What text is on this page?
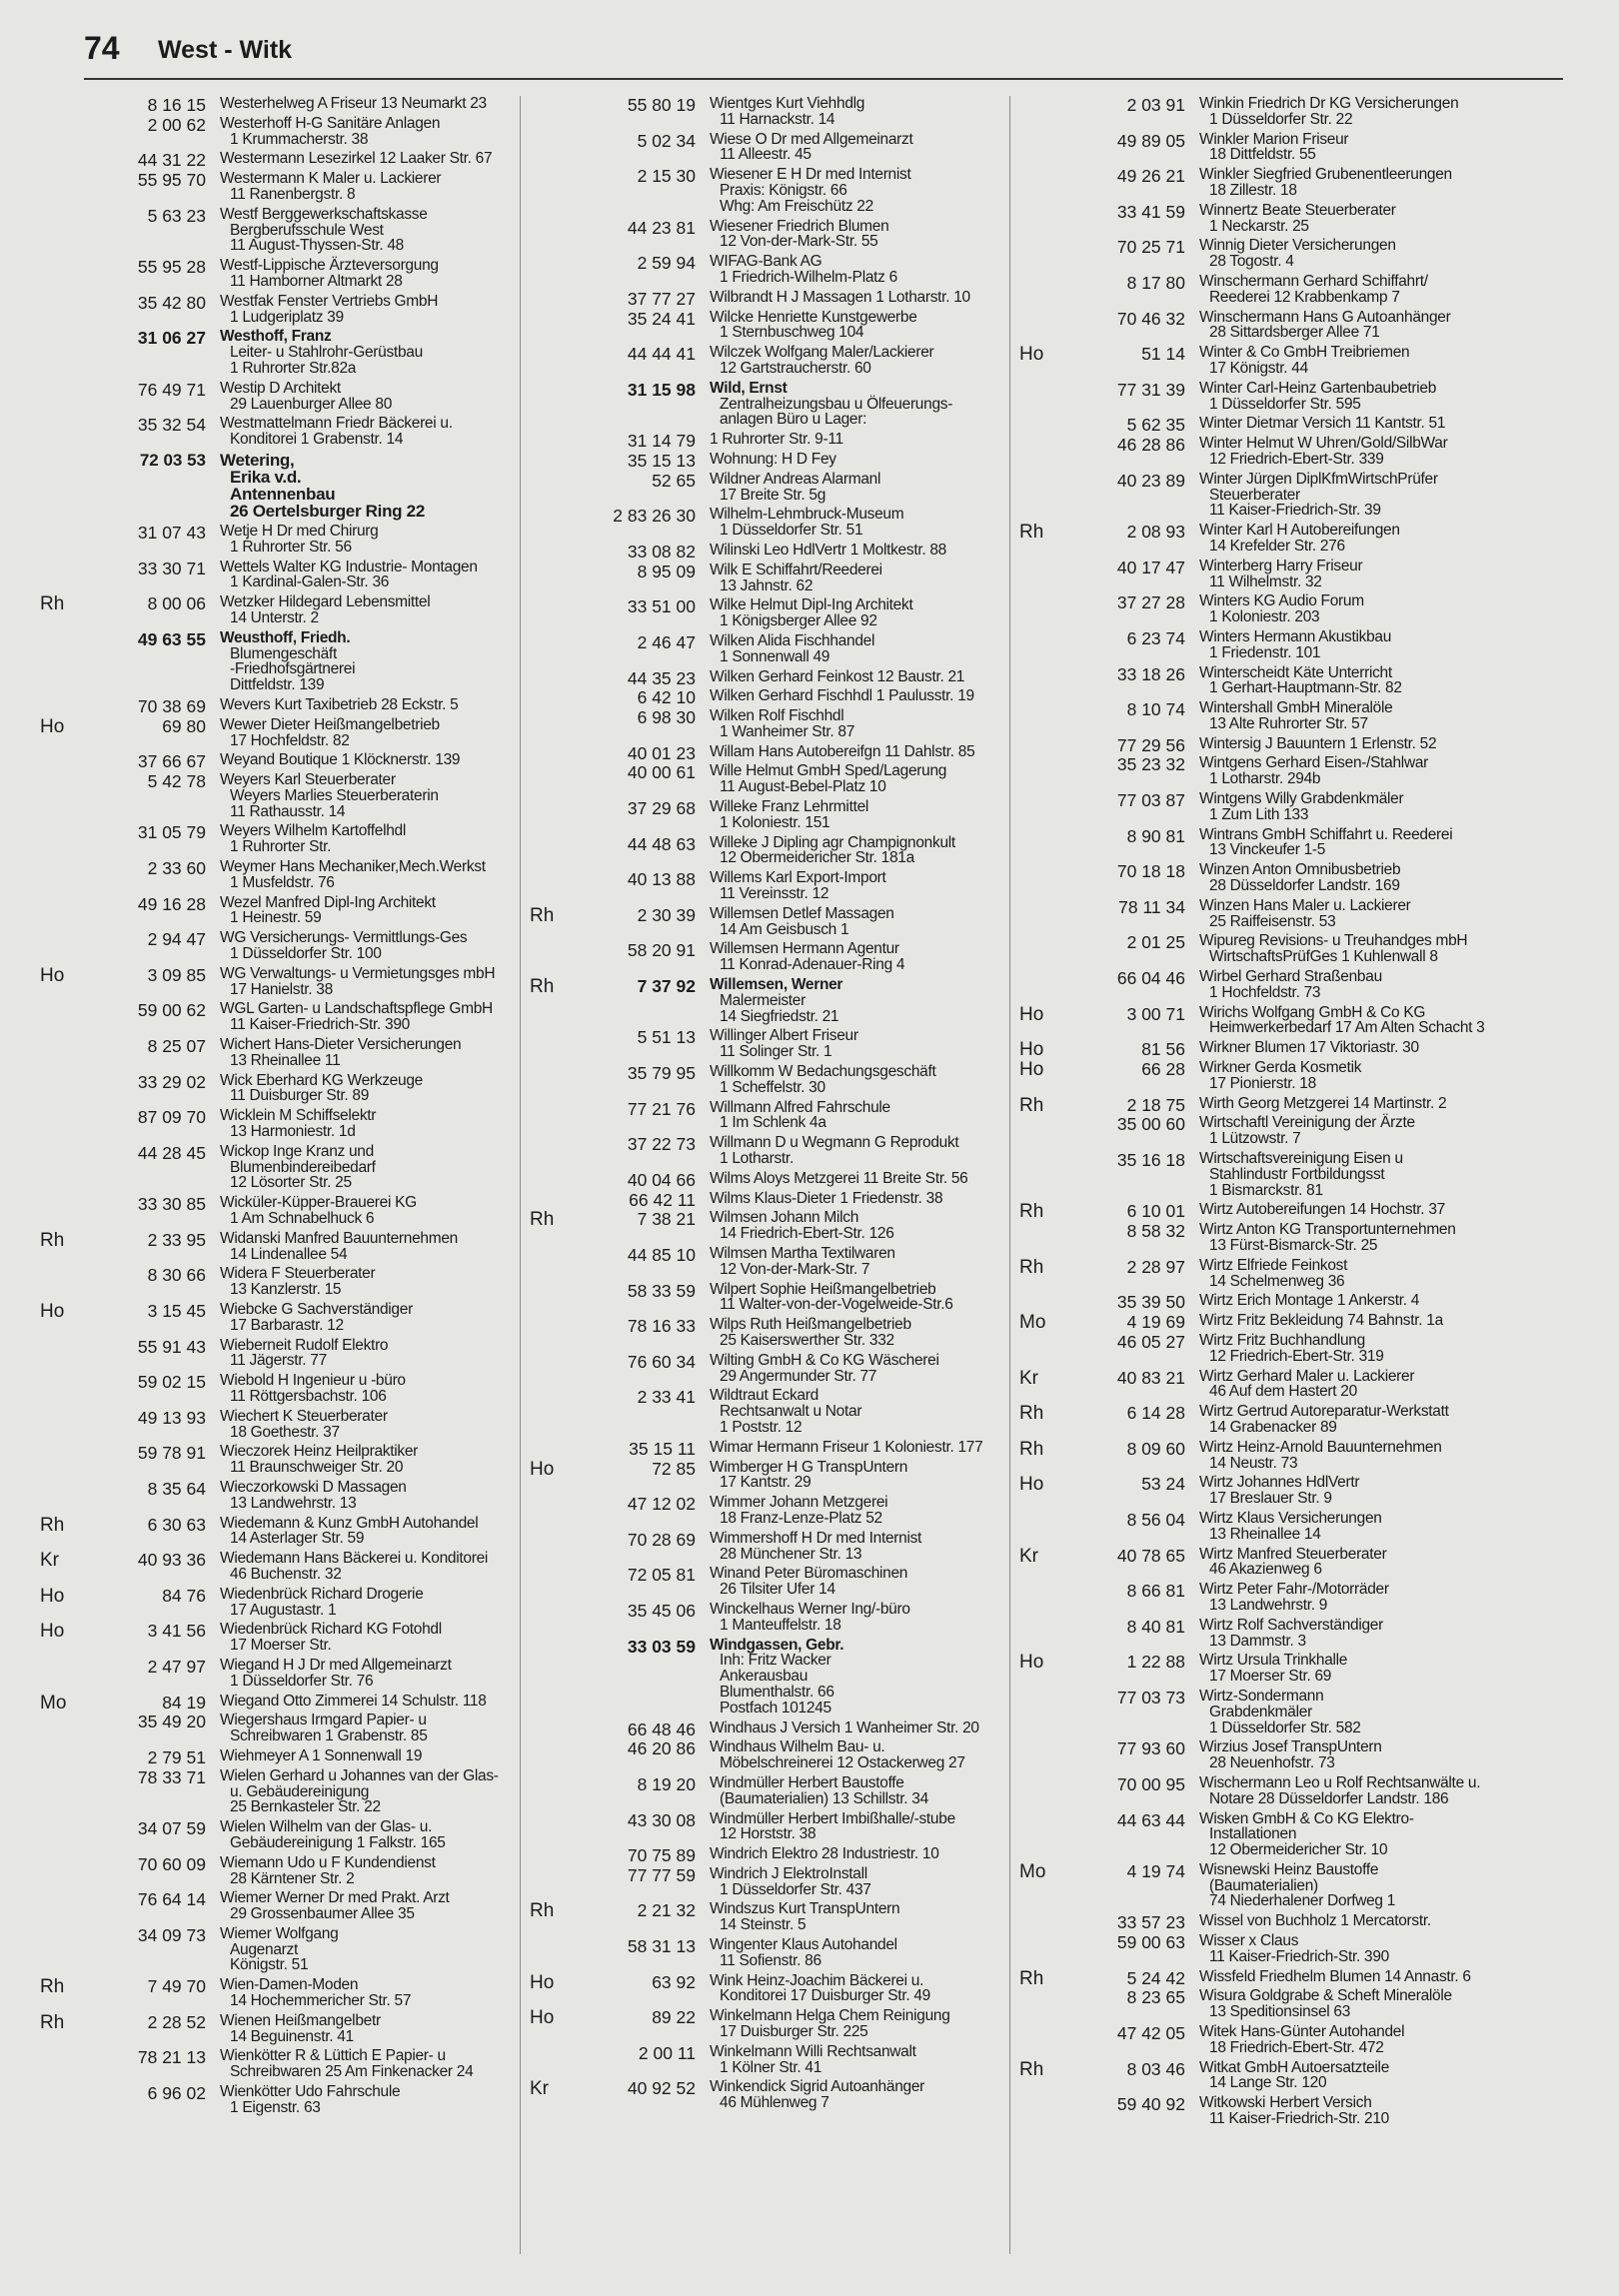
74 West - Witk
8 16 15 Westerhelweg A Friseur 13 Neumarkt 23
2 00 62 Westerhoff H-G Sanitäre Anlagen
1 Krummacherstr. 38
44 31 22 Westermann Lesezirkel 12 Laaker Str. 67
55 95 70 Westermann K Maler u. Lackierer
11 Ranenbergstr. 8
5 63 23 Westf Berggewerkschaftskasse
Bergberufsschule West
11 August-Thyssen-Str. 48
55 95 28 Westf-Lippische Ärzteversorgung
11 Hamborner Altmarkt 28
35 42 80 Westfak Fenster Vertriebs GmbH
1 Ludgeriplatz 39
31 06 27 Westhoff, Franz
Leiter- u Stahlrohr-Gerüstbau
1 Ruhrorter Str.82a
76 49 71 Westip D Architekt
29 Lauenburger Allee 80
35 32 54 Westmattelmann Friedr Bäckerei u.
Konditorei 1 Grabenstr. 14
72 03 53 Wetering,
Erika v.d.
Antennenbau
26 Oertelsburger Ring 22
31 07 43 Wetje H Dr med Chirurg
1 Ruhrorter Str. 56
33 30 71 Wettels Walter KG Industrie- Montagen
1 Kardinal-Galen-Str. 36
Rh	8 00 06 Wetzker Hildegard Lebensmittel
14 Unterstr. 2
49 63 55 Weusthoff, Friedh.
Blumengeschäft
-Friedhofsgärtnerei
Dittfeldstr. 139
70 38 69 Wevers Kurt Taxibetrieb 28 Eckstr. 5
Ho	69 80 Wewer Dieter Heißmangelbetrieb
17 Hochfeldstr. 82
37 66 67 Weyand Boutique 1 Klöcknerstr. 139
5 42 78 Weyers Karl Steuerberater
Weyers Marlies Steuerberaterin
11 Rathausstr. 14
31 05 79 Weyers Wilhelm Kartoffelhdl
1 Ruhrorter Str.
2 33 60 Weymer Hans Mechaniker,Mech.Werkst
1 Musfeldstr. 76
49 16 28 Wezel Manfred Dipl-Ing Architekt
1 Heinestr. 59
2 94 47 WG Versicherungs- Vermittlungs-Ges
1 Düsseldorfer Str. 100
Ho	3 09 85 WG Verwaltungs- u Vermietungsges mbH
17 Hanielstr. 38
59 00 62 WGL Garten- u Landschaftspflege GmbH
11 Kaiser-Friedrich-Str. 390
8 25 07 Wichert Hans-Dieter Versicherungen
13 Rheinallee 11
33 29 02 Wick Eberhard KG Werkzeuge
11 Duisburger Str. 89
87 09 70 Wicklein M Schiffselektr
13 Harmoniestr. 1d
44 28 45 Wickop Inge Kranz und
Blumenbindereibedarf
12 Lösorter Str. 25
33 30 85 Wicküler-Küpper-Brauerei KG
1 Am Schnabelhuck 6
Rh	2 33 95 Widanski Manfred Bauunternehmen
14 Lindenallee 54
8 30 66 Widera F Steuerberater
13 Kanzlerstr. 15
Ho	3 15 45 Wiebcke G Sachverständiger
17 Barbarastr. 12
55 91 43 Wieberneit Rudolf Elektro
11 Jägerstr. 77
59 02 15 Wiebold H Ingenieur u -büro
11 Röttgersbachstr. 106
49 13 93 Wiechert K Steuerberater
18 Goethestr. 37
59 78 91 Wieczorek Heinz Heilpraktiker
11 Braunschweiger Str. 20
8 35 64 Wieczorkowski D Massagen
13 Landwehrstr. 13
Rh	6 30 63 Wiedemann & Kunz GmbH Autohandel
14 Asterlager Str. 59
Kr	40 93 36 Wiedemann Hans Bäckerei u. Konditorei
46 Buchenstr. 32
Ho	84 76 Wiedenbrück Richard Drogerie
17 Augustastr. 1
Ho	3 41 56 Wiedenbrück Richard KG Fotohdl
17 Moerser Str.
2 47 97 Wiegand H J Dr med Allgemeinarzt
1 Düsseldorfer Str. 76
Mo	84 19 Wiegand Otto Zimmerei 14 Schulstr. 118
35 49 20 Wiegershaus Irmgard Papier- u
Schreibwaren 1 Grabenstr. 85
2 79 51 Wiehmeyer A 1 Sonnenwall 19
78 33 71 Wielen Gerhard u Johannes van der Glas-
u. Gebäudereinigung
25 Bernkasteler Str. 22
34 07 59 Wielen Wilhelm van der Glas- u.
Gebäudereinigung 1 Falkstr. 165
70 60 09 Wiemann Udo u F Kundendienst
28 Kärntener Str. 2
76 64 14 Wiemer Werner Dr med Prakt. Arzt
29 Grossenbaumer Allee 35
34 09 73 Wiemer Wolfgang
Augenarzt
Königstr. 51
Rh	7 49 70 Wien-Damen-Moden
14 Hochemmericher Str. 57
Rh	2 28 52 Wienen Heißmangelbetr
14 Beguinenstr. 41
78 21 13 Wienkötter R & Lüttich E Papier- u
Schreibwaren 25 Am Finkenacker 24
6 96 02 Wienkötter Udo Fahrschule
1 Eigenstr. 63
55 80 19 Wientges Kurt Viehhdlg
11 Harnackstr. 14
5 02 34 Wiese O Dr med Allgemeinarzt
11 Alleestr. 45
2 15 30 Wiesener E H Dr med Internist
Praxis: Königstr. 66
Whg: Am Freischütz 22
44 23 81 Wiesener Friedrich Blumen
12 Von-der-Mark-Str. 55
2 59 94 WIFAG-Bank AG
1 Friedrich-Wilhelm-Platz 6
37 77 27 Wilbrandt H J Massagen 1 Lotharstr. 10
35 24 41 Wilcke Henriette Kunstgewerbe
1 Sternbuschweg 104
44 44 41 Wilczek Wolfgang Maler/Lackierer
12 Gartstraucherstr. 60
31 15 98 Wild, Ernst
Zentralheizungsbau u Ölfeuerungs-
anlagen Büro u Lager:
31 14 79 1 Ruhrorter Str. 9-11
35 15 13 Wohnung: H D Fey
52 65 Wildner Andreas Alarmanl
17 Breite Str. 5g
2 83 26 30 Wilhelm-Lehmbruck-Museum
1 Düsseldorfer Str. 51
33 08 82 Wilinski Leo HdlVertr 1 Moltkestr. 88
8 95 09 Wilk E Schiffahrt/Reederei
13 Jahnstr. 62
33 51 00 Wilke Helmut Dipl-Ing Architekt
1 Königsberger Allee 92
2 46 47 Wilken Alida Fischhandel
1 Sonnenwall 49
44 35 23 Wilken Gerhard Feinkost 12 Baustr. 21
6 42 10 Wilken Gerhard Fischhdl 1 Paulusstr. 19
6 98 30 Wilken Rolf Fischhdl
1 Wanheimer Str. 87
40 01 23 Willam Hans Autobereifgn 11 Dahlstr. 85
40 00 61 Wille Helmut GmbH Sped/Lagerung
11 August-Bebel-Platz 10
37 29 68 Willeke Franz Lehrmittel
1 Koloniestr. 151
44 48 63 Willeke J Dipling agr Champignonkult
12 Obermeidericher Str. 181a
40 13 88 Willems Karl Export-Import
11 Vereinsstr. 12
Rh	2 30 39 Willemsen Detlef Massagen
14 Am Geisbusch 1
58 20 91 Willemsen Hermann Agentur
11 Konrad-Adenauer-Ring 4
Rh	7 37 92 Willemsen, Werner
Malermeister
14 Siegfriedstr. 21
5 51 13 Willinger Albert Friseur
11 Solinger Str. 1
35 79 95 Willkomm W Bedachungsgeschäft
1 Scheffelstr. 30
77 21 76 Willmann Alfred Fahrschule
1 Im Schlenk 4a
37 22 73 Willmann D u Wegmann G Reprodukt
1 Lotharstr.
40 04 66 Wilms Aloys Metzgerei 11 Breite Str. 56
66 42 11 Wilms Klaus-Dieter 1 Friedenstr. 38
Rh	7 38 21 Wilmsen Johann Milch
14 Friedrich-Ebert-Str. 126
44 85 10 Wilmsen Martha Textilwaren
12 Von-der-Mark-Str. 7
58 33 59 Wilpert Sophie Heißmangelbetrieb
11 Walter-von-der-Vogelweide-Str.6
78 16 33 Wilps Ruth Heißmangelbetrieb
25 Kaiserswerther Str. 332
76 60 34 Wilting GmbH & Co KG Wäscherei
29 Angermunder Str. 77
2 33 41 Wildtraut Eckard
Rechtsanwalt u Notar
1 Poststr. 12
35 15 11 Wimar Hermann Friseur 1 Koloniestr. 177
Ho	72 85 Wimberger H G TranspUntern
17 Kantstr. 29
47 12 02 Wimmer Johann Metzgerei
18 Franz-Lenze-Platz 52
70 28 69 Wimmershoff H Dr med Internist
28 Münchener Str. 13
72 05 81 Winand Peter Büromaschinen
26 Tilsiter Ufer 14
35 45 06 Winckelhaus Werner Ing/-büro
1 Manteuffelstr. 18
33 03 59 Windgassen, Gebr.
Inh: Fritz Wacker
Ankerausbau
Blumenthalstr. 66
Postfach 101245
66 48 46 Windhaus J Versich 1 Wanheimer Str. 20
46 20 86 Windhaus Wilhelm Bau- u.
Möbelschreinerei 12 Ostackerweg 27
8 19 20 Windmüller Herbert Baustoffe
(Baumaterialien) 13 Schillstr. 34
43 30 08 Windmüller Herbert Imbißhalle/-stube
12 Horststr. 38
70 75 89 Windrich Elektro 28 Industriestr. 10
77 77 59 Windrich J ElektroInstall
1 Düsseldorfer Str. 437
Rh	2 21 32 Windszus Kurt TranspUntern
14 Steinstr. 5
58 31 13 Wingenter Klaus Autohandel
11 Sofienstr. 86
Ho	63 92 Wink Heinz-Joachim Bäckerei u.
Konditorei 17 Duisburger Str. 49
Ho	89 22 Winkelmann Helga Chem Reinigung
17 Duisburger Str. 225
2 00 11 Winkelmann Willi Rechtsanwalt
1 Kölner Str. 41
Kr	40 92 52 Winkendick Sigrid Autoanhänger
46 Mühlenweg 7
2 03 91 Winkin Friedrich Dr KG Versicherungen
1 Düsseldorfer Str. 22
49 89 05 Winkler Marion Friseur
18 Dittfeldstr. 55
49 26 21 Winkler Siegfried Grubenentleerungen
18 Zillestr. 18
33 41 59 Winnertz Beate Steuerberater
1 Neckarstr. 25
70 25 71 Winnig Dieter Versicherungen
28 Togostr. 4
8 17 80 Winschermann Gerhard Schiffahrt/
Reederei 12 Krabbenkamp 7
70 46 32 Winschermann Hans G Autoanhänger
28 Sittardsberger Allee 71
Ho	51 14 Winter & Co GmbH Treibriemen
17 Königstr. 44
77 31 39 Winter Carl-Heinz Gartenbaubetrieb
1 Düsseldorfer Str. 595
5 62 35 Winter Dietmar Versich 11 Kantstr. 51
46 28 86 Winter Helmut W Uhren/Gold/SilbWar
12 Friedrich-Ebert-Str. 339
40 23 89 Winter Jürgen DiplKfmWirtschPrüfer
Steuerberater
11 Kaiser-Friedrich-Str. 39
Rh	2 08 93 Winter Karl H Autobereifungen
14 Krefelder Str. 276
40 17 47 Winterberg Harry Friseur
11 Wilhelmstr. 32
37 27 28 Winters KG Audio Forum
1 Koloniestr. 203
6 23 74 Winters Hermann Akustikbau
1 Friedenstr. 101
33 18 26 Winterscheidt Käte Unterricht
1 Gerhart-Hauptmann-Str. 82
8 10 74 Wintershall GmbH Mineralöle
13 Alte Ruhrorter Str. 57
77 29 56 Wintersig J Bauuntern 1 Erlenstr. 52
35 23 32 Wintgens Gerhard Eisen-/Stahlwar
1 Lotharstr. 294b
77 03 87 Wintgens Willy Grabdenkmäler
1 Zum Lith 133
8 90 81 Wintrans GmbH Schiffahrt u. Reederei
13 Vinckeufer 1-5
70 18 18 Winzen Anton Omnibusbetrieb
28 Düsseldorfer Landstr. 169
78 11 34 Winzen Hans Maler u. Lackierer
25 Raiffeisenstr. 53
2 01 25 Wipureg Revisions- u Treuhandges mbH
WirtschaftsPrüfGes 1 Kuhlenwall 8
66 04 46 Wirbel Gerhard Straßenbau
1 Hochfeldstr. 73
Ho	3 00 71 Wirichs Wolfgang GmbH & Co KG
Heimwerkerbedarf 17 Am Alten Schacht 3
Ho	81 56 Wirkner Blumen 17 Viktoriastr. 30
Ho	66 28 Wirkner Gerda Kosmetik
17 Pionierstr. 18
Rh	2 18 75 Wirth Georg Metzgerei 14 Martinstr. 2
35 00 60 Wirtschaftl Vereinigung der Ärzte
1 Lützowstr. 7
35 16 18 Wirtschaftsvereinigung Eisen u
Stahlindustr Fortbildungsst
1 Bismarckstr. 81
Rh	6 10 01 Wirtz Autobereifungen 14 Hochstr. 37
8 58 32 Wirtz Anton KG Transportunternehmen
13 Fürst-Bismarck-Str. 25
Rh	2 28 97 Wirtz Elfriede Feinkost
14 Schelmenweg 36
35 39 50 Wirtz Erich Montage 1 Ankerstr. 4
Mo	4 19 69 Wirtz Fritz Bekleidung 74 Bahnstr. 1a
46 05 27 Wirtz Fritz Buchhandlung
12 Friedrich-Ebert-Str. 319
Kr	40 83 21 Wirtz Gerhard Maler u. Lackierer
46 Auf dem Hastert 20
Rh	6 14 28 Wirtz Gertrud Autoreparatur-Werkstatt
14 Grabenacker 89
Rh	8 09 60 Wirtz Heinz-Arnold Bauunternehmen
14 Neustr. 73
Ho	53 24 Wirtz Johannes HdlVertr
17 Breslauer Str. 9
8 56 04 Wirtz Klaus Versicherungen
13 Rheinallee 14
Kr	40 78 65 Wirtz Manfred Steuerberater
46 Akazienweg 6
8 66 81 Wirtz Peter Fahr-/Motorräder
13 Landwehrstr. 9
8 40 81 Wirtz Rolf Sachverständiger
13 Dammstr. 3
Ho	1 22 88 Wirtz Ursula Trinkhalle
17 Moerser Str. 69
77 03 73 Wirtz-Sondermann
Grabdenkmäler
1 Düsseldorfer Str. 582
77 93 60 Wirzius Josef TranspUntern
28 Neuenhofstr. 73
70 00 95 Wischermann Leo u Rolf Rechtsanwälte u.
Notare 28 Düsseldorfer Landstr. 186
44 63 44 Wisken GmbH & Co KG Elektro-
Installationen
12 Obermeidericher Str. 10
Mo	4 19 74 Wisnewski Heinz Baustoffe
(Baumaterialien)
74 Niederhalener Dorfweg 1
33 57 23 Wissel von Buchholz 1 Mercatorstr.
59 00 63 Wisser x Claus
11 Kaiser-Friedrich-Str. 390
Rh	5 24 42 Wissfeld Friedhelm Blumen 14 Annastr. 6
8 23 65 Wisura Goldgrabe & Scheft Mineralöle
13 Speditionsinsel 63
47 42 05 Witek Hans-Günter Autohandel
18 Friedrich-Ebert-Str. 472
Rh	8 03 46 Witkat GmbH Autoersatzteile
14 Lange Str. 120
59 40 92 Witkowski Herbert Versich
11 Kaiser-Friedrich-Str. 210
